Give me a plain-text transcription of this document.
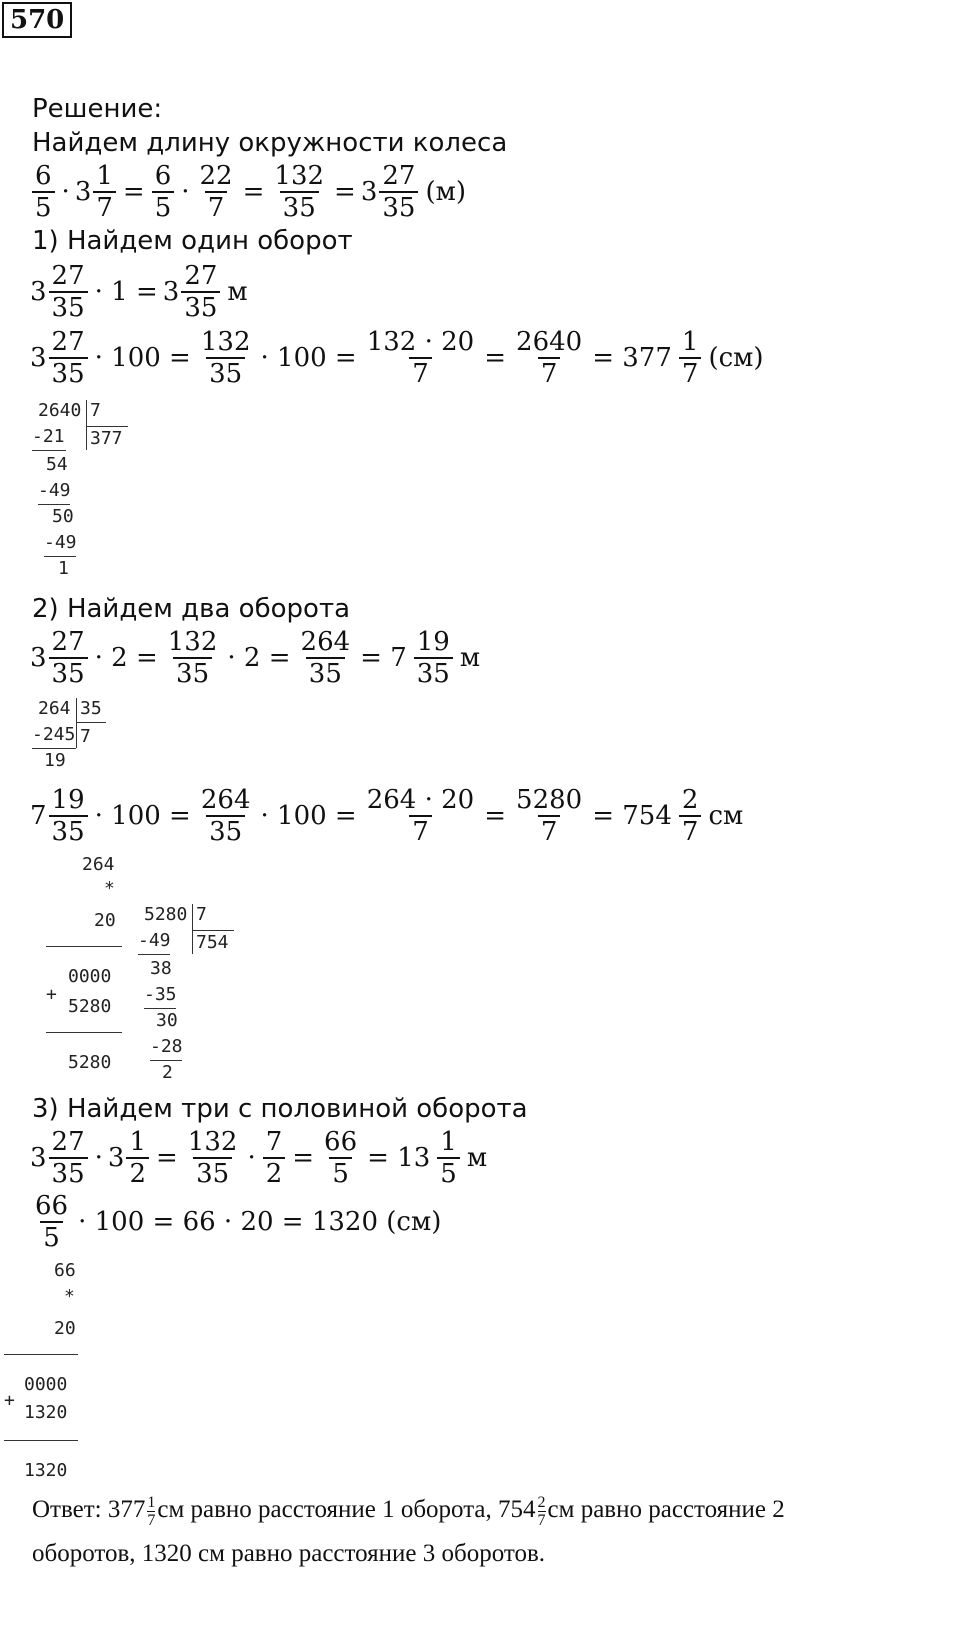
570
Решение:
Найдем длину окружности колеса
$\frac{6}{5} \cdot 3 \frac{1}{7} = \frac{6}{5} \cdot \frac{22}{7} = \frac{132}{35} = 3 \frac{27}{35} (м)$
1) Найдем один оборот
$3 \frac{27}{35} \cdot 1 = 3 \frac{27}{35}$ м
$3 \frac{27}{35} \cdot 100 = \frac{132}{35} \cdot 100 = \frac{132 \cdot 20}{7} = \frac{2640}{7} = 377 \frac{1}{7} (см)$
2640 7
-21 377
54
-49
50
-49
1
2) Найдем два оборота
$3 \frac{27}{35} \cdot 2 = \frac{132}{35} \cdot 2 = \frac{264}{35} = 7 \frac{19}{35}$ м
264 35
-245 7
19
$7 \frac{19}{35} \cdot 100 = \frac{264}{35} \cdot 100 = \frac{264 \cdot 20}{7} = \frac{5280}{7} = 754 \frac{2}{7}$ см
264
*
20
0000
+
5280
5280
5280 7
-49 754
38
-35
30
-28
2
3) Найдем три с половиной оборота
$3 \frac{27}{35} \cdot 3 \frac{1}{2} = \frac{132}{35} \cdot \frac{7}{2} = \frac{66}{5} = 13 \frac{1}{5}$ м
$\frac{66}{5} \cdot 100 = 66 \cdot 20 = 1320$ (см)
66
*
20
+
0000
1320
1320
Ответ: $377 \frac{1}{7}$ см равно расстояние 1 оборота, $754 \frac{2}{7}$ см равно расстояние 2
оборотов, 1320 см равно расстояние 3 оборотов.
